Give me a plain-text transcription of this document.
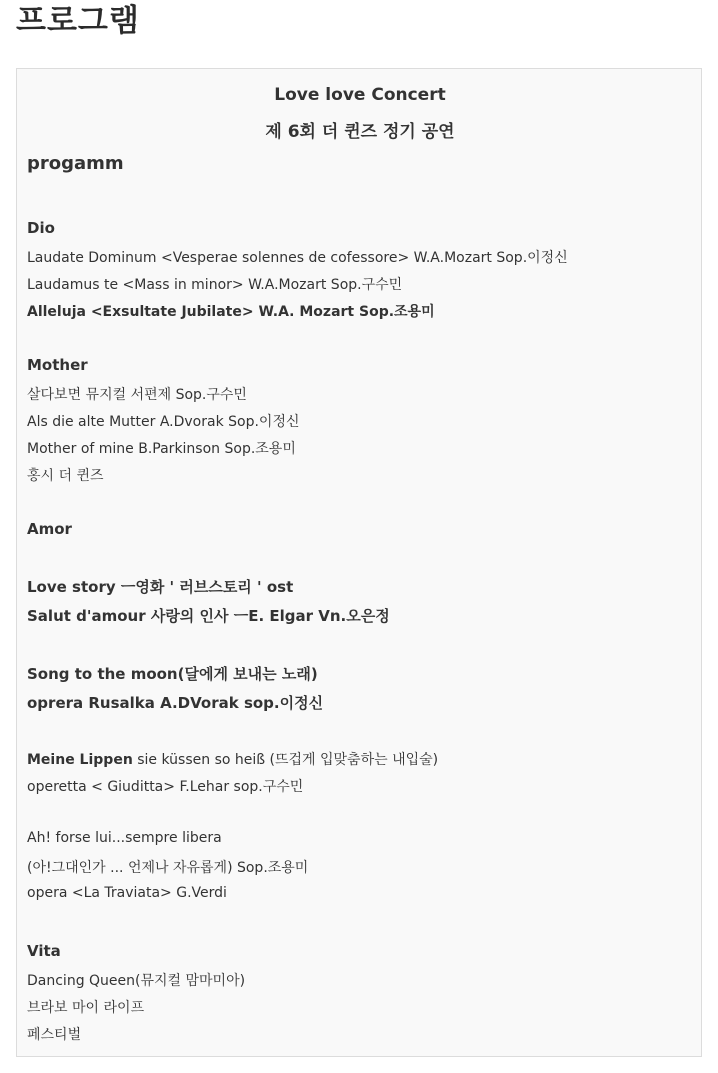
프로그램
Love love Concert
제 6회 더 퀸즈 정기 공연
progamm
Dio
Laudate Dominum <Vesperae solennes de cofessore> W.A.Mozart Sop.이정신
Laudamus te <Mass in minor> W.A.Mozart Sop.구수민
Alleluja <Exsultate Jubilate> W.A. Mozart Sop.조용미
Mother
살다보면 뮤지컬 서편제 Sop.구수민
Als die alte Mutter A.Dvorak Sop.이정신
Mother of mine B.Parkinson Sop.조용미
홍시 더 퀸즈
Amor
Love story ㅡ영화 ' 러브스토리 ' ost
Salut d'amour 사랑의 인사 ㅡE. Elgar Vn.오은정
Song to the moon(달에게 보내는 노래)
oprera Rusalka A.DVorak sop.이정신
Meine Lippen sie küssen so heiß (뜨겁게 입맞춤하는 내입술)
operetta < Giuditta> F.Lehar sop.구수민
Ah! forse lui...sempre libera
(아!그대인가 ... 언제나 자유롭게) Sop.조용미
opera <La Traviata> G.Verdi
Vita
Dancing Queen(뮤지컬 맘마미아)
브라보 마이 라이프
페스티벌
